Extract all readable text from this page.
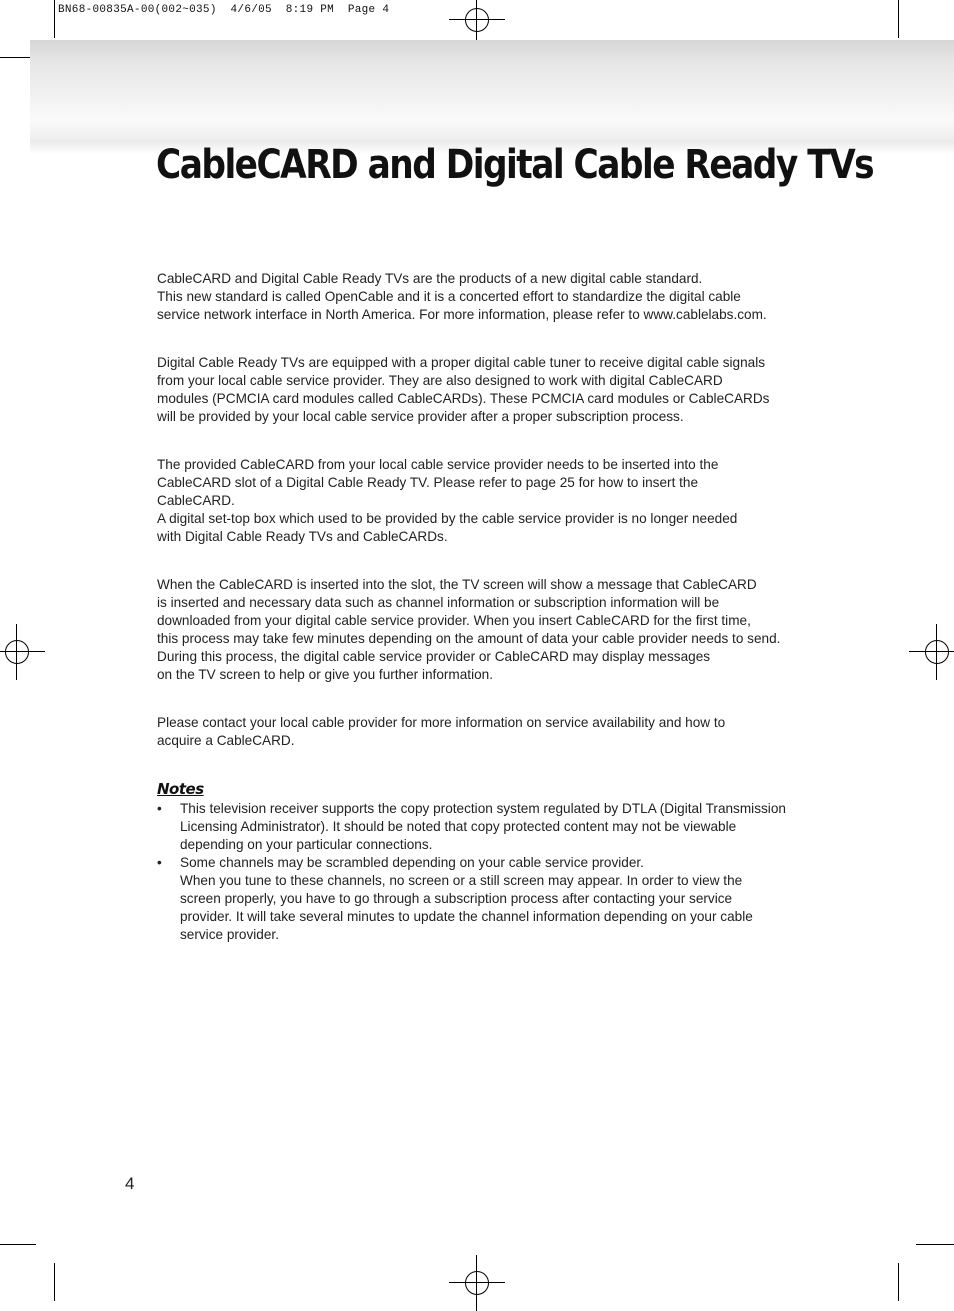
BN68-00835A-00(002~035)  4/6/05  8:19 PM  Page 4
CableCARD and Digital Cable Ready TVs
CableCARD and Digital Cable Ready TVs are the products of a new digital cable standard.
This new standard is called OpenCable and it is a concerted effort to standardize the digital cable
service network interface in North America. For more information, please refer to www.cablelabs.com.
Digital Cable Ready TVs are equipped with a proper digital cable tuner to receive digital cable signals
from your local cable service provider. They are also designed to work with digital CableCARD
modules (PCMCIA card modules called CableCARDs). These PCMCIA card modules or CableCARDs
will be provided by your local cable service provider after a proper subscription process.
The provided CableCARD from your local cable service provider needs to be inserted into the
CableCARD slot of a Digital Cable Ready TV. Please refer to page 25 for how to insert the
CableCARD.
A digital set-top box which used to be provided by the cable service provider is no longer needed
with Digital Cable Ready TVs and CableCARDs.
When the CableCARD is inserted into the slot, the TV screen will show a message that CableCARD
is inserted and necessary data such as channel information or subscription information will be
downloaded from your digital cable service provider. When you insert CableCARD for the first time,
this process may take few minutes depending on the amount of data your cable provider needs to send.
During this process, the digital cable service provider or CableCARD may display messages
on the TV screen to help or give you further information.
Please contact your local cable provider for more information on service availability and how to
acquire a CableCARD.
Notes
• This television receiver supports the copy protection system regulated by DTLA (Digital Transmission
Licensing Administrator). It should be noted that copy protected content may not be viewable
depending on your particular connections.
• Some channels may be scrambled depending on your cable service provider.
When you tune to these channels, no screen or a still screen may appear. In order to view the
screen properly, you have to go through a subscription process after contacting your service
provider. It will take several minutes to update the channel information depending on your cable
service provider.
4
